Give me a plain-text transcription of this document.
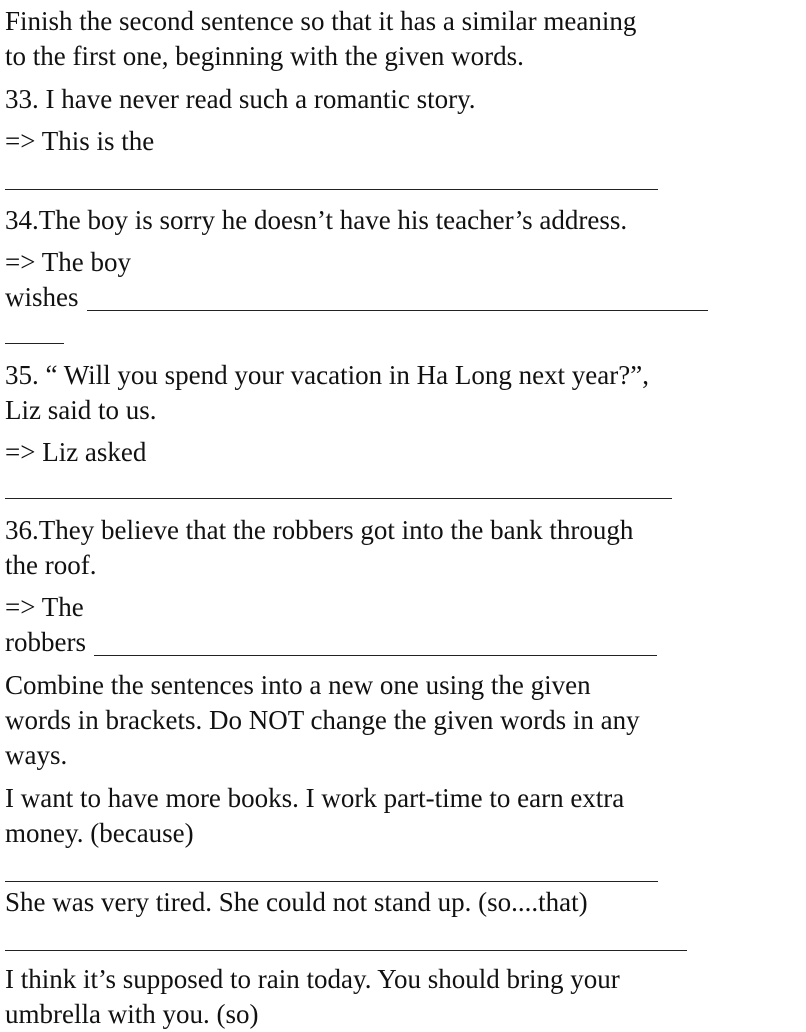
Finish the second sentence so that it has a similar meaning

to the first one, beginning with the given words.

33. I have never read such a romantic story.

=> This is the

34.The boy is sorry he doesn’t have his teacher’s address.

=> The boy

wishes

35. “ Will you spend your vacation in Ha Long next year?”,

Liz said to us.

=> Liz asked

36.They believe that the robbers got into the bank through

the roof.

=> The

robbers

Combine the sentences into a new one using the given

words in brackets. Do NOT change the given words in any

ways.

I want to have more books. I work part-time to earn extra

money. (because)

She was very tired. She could not stand up. (so....that)

I think it’s supposed to rain today. You should bring your

umbrella with you. (so)
